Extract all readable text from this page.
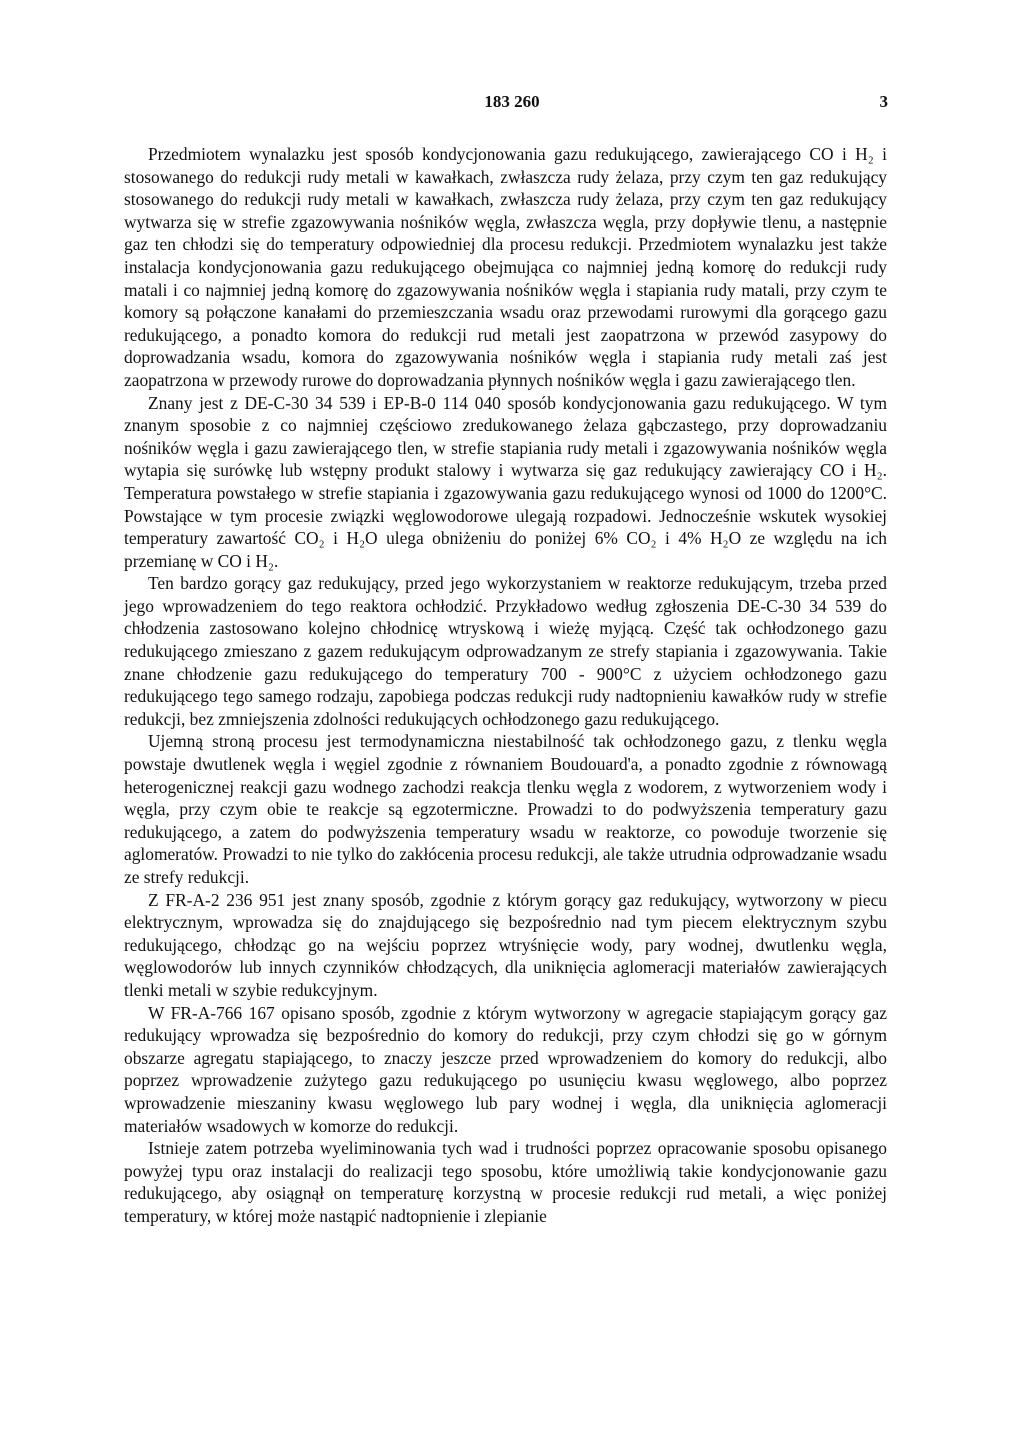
183 260	3

Przedmiotem wynalazku jest sposób kondycjonowania gazu redukującego, zawierającego CO i H₂ i stosowanego do redukcji rudy metali w kawałkach, zwłaszcza rudy żelaza, przy czym ten gaz redukujący stosowanego do redukcji rudy metali w kawałkach, zwłaszcza rudy żelaza, przy czym ten gaz redukujący wytwarza się w strefie zgazowywania nośników węgla, zwłaszcza węgla, przy dopływie tlenu, a następnie gaz ten chłodzi się do temperatury odpowiedniej dla procesu redukcji. Przedmiotem wynalazku jest także instalacja kondycjonowania gazu redukującego obejmująca co najmniej jedną komorę do redukcji rudy matali i co najmniej jedną komorę do zgazowywania nośników węgla i stapiania rudy matali, przy czym te komory są połączone kanałami do przemieszczania wsadu oraz przewodami rurowymi dla gorącego gazu redukującego, a ponadto komora do redukcji rud metali jest zaopatrzona w przewód zasypowy do doprowadzania wsadu, komora do zgazowywania nośników węgla i stapiania rudy metali zaś jest zaopatrzona w przewody rurowe do doprowadzania płynnych nośników węgla i gazu zawierającego tlen.

Znany jest z DE-C-30 34 539 i EP-B-0 114 040 sposób kondycjonowania gazu redukującego. W tym znanym sposobie z co najmniej częściowo zredukowanego żelaza gąbczastego, przy doprowadzaniu nośników węgla i gazu zawierającego tlen, w strefie stapiania rudy metali i zgazowywania nośników węgla wytapia się surówkę lub wstępny produkt stalowy i wytwarza się gaz redukujący zawierający CO i H₂. Temperatura powstałego w strefie stapiania i zgazowywania gazu redukującego wynosi od 1000 do 1200°C. Powstające w tym procesie związki węglowodorowe ulegają rozpadowi. Jednocześnie wskutek wysokiej temperatury zawartość CO₂ i H₂O ulega obniżeniu do poniżej 6% CO₂ i 4% H₂O ze względu na ich przemianę w CO i H₂.

Ten bardzo gorący gaz redukujący, przed jego wykorzystaniem w reaktorze redukującym, trzeba przed jego wprowadzeniem do tego reaktora ochłodzić. Przykładowo według zgłoszenia DE-C-30 34 539 do chłodzenia zastosowano kolejno chłodnicę wtryskową i wieżę myjącą. Część tak ochłodzonego gazu redukującego zmieszano z gazem redukującym odprowadzanym ze strefy stapiania i zgazowywania. Takie znane chłodzenie gazu redukującego do temperatury 700 - 900°C z użyciem ochłodzonego gazu redukującego tego samego rodzaju, zapobiega podczas redukcji rudy nadtopnieniu kawałków rudy w strefie redukcji, bez zmniejszenia zdolności redukujących ochłodzonego gazu redukującego.

Ujemną stroną procesu jest termodynamiczna niestabilność tak ochłodzonego gazu, z tlenku węgla powstaje dwutlenek węgla i węgiel zgodnie z równaniem Boudouard'a, a ponadto zgodnie z równowagą heterogenicznej reakcji gazu wodnego zachodzi reakcja tlenku węgla z wodorem, z wytworzeniem wody i węgla, przy czym obie te reakcje są egzotermiczne. Prowadzi to do podwyższenia temperatury gazu redukującego, a zatem do podwyższenia temperatury wsadu w reaktorze, co powoduje tworzenie się aglomeratów. Prowadzi to nie tylko do zakłócenia procesu redukcji, ale także utrudnia odprowadzanie wsadu ze strefy redukcji.

Z FR-A-2 236 951 jest znany sposób, zgodnie z którym gorący gaz redukujący, wytworzony w piecu elektrycznym, wprowadza się do znajdującego się bezpośrednio nad tym piecem elektrycznym szybu redukującego, chłodząc go na wejściu poprzez wtryśnięcie wody, pary wodnej, dwutlenku węgla, węglowodorów lub innych czynników chłodzących, dla uniknięcia aglomeracji materiałów zawierających tlenki metali w szybie redukcyjnym.

W FR-A-766 167 opisano sposób, zgodnie z którym wytworzony w agregacie stapiającym gorący gaz redukujący wprowadza się bezpośrednio do komory do redukcji, przy czym chłodzi się go w górnym obszarze agregatu stapiającego, to znaczy jeszcze przed wprowadzeniem do komory do redukcji, albo poprzez wprowadzenie zużytego gazu redukującego po usunięciu kwasu węglowego, albo poprzez wprowadzenie mieszaniny kwasu węglowego lub pary wodnej i węgla, dla uniknięcia aglomeracji materiałów wsadowych w komorze do redukcji.

Istnieje zatem potrzeba wyeliminowania tych wad i trudności poprzez opracowanie sposobu opisanego powyżej typu oraz instalacji do realizacji tego sposobu, które umożliwią takie kondycjonowanie gazu redukującego, aby osiągnął on temperaturę korzystną w procesie redukcji rud metali, a więc poniżej temperatury, w której może nastąpić nadtopnienie i zlepianie
